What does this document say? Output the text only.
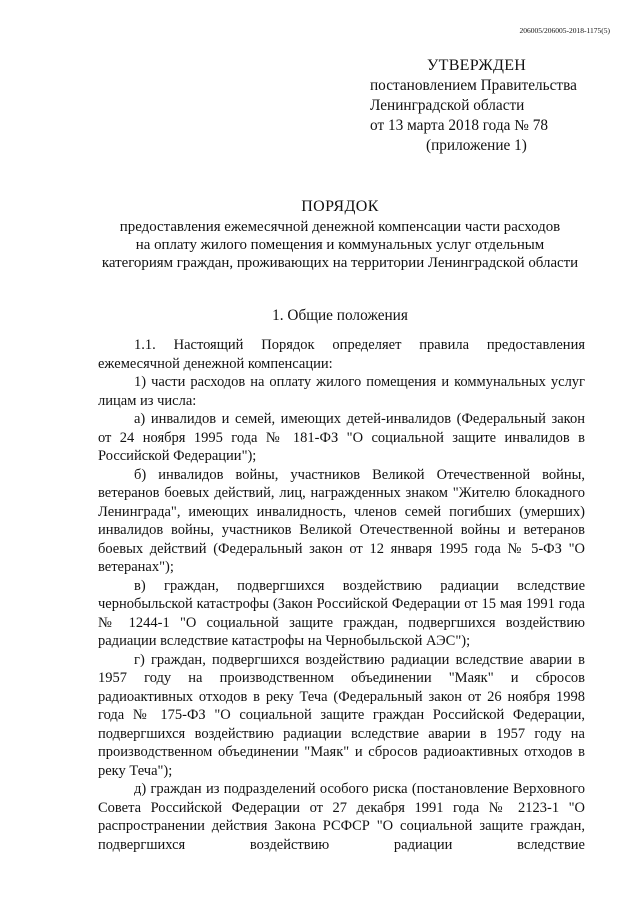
206005/206005-2018-1175(5)
УТВЕРЖДЕН
постановлением Правительства
Ленинградской области
от 13 марта 2018 года № 78
(приложение 1)
ПОРЯДОК
предоставления ежемесячной денежной компенсации части расходов
на оплату жилого помещения и коммунальных услуг отдельным
категориям граждан, проживающих на территории Ленинградской области
1. Общие положения

1.1. Настоящий Порядок определяет правила предоставления ежемесячной денежной компенсации:

1) части расходов на оплату жилого помещения и коммунальных услуг лицам из числа:

а) инвалидов и семей, имеющих детей-инвалидов (Федеральный закон от 24 ноября 1995 года № 181-ФЗ "О социальной защите инвалидов в Российской Федерации");

б) инвалидов войны, участников Великой Отечественной войны, ветеранов боевых действий, лиц, награжденных знаком "Жителю блокадного Ленинграда", имеющих инвалидность, членов семей погибших (умерших) инвалидов войны, участников Великой Отечественной войны и ветеранов боевых действий (Федеральный закон от 12 января 1995 года № 5-ФЗ "О ветеранах");

в) граждан, подвергшихся воздействию радиации вследствие чернобыльской катастрофы (Закон Российской Федерации от 15 мая 1991 года № 1244-1 "О социальной защите граждан, подвергшихся воздействию радиации вследствие катастрофы на Чернобыльской АЭС");

г) граждан, подвергшихся воздействию радиации вследствие аварии в 1957 году на производственном объединении "Маяк" и сбросов радиоактивных отходов в реку Теча (Федеральный закон от 26 ноября 1998 года № 175-ФЗ "О социальной защите граждан Российской Федерации, подвергшихся воздействию радиации вследствие аварии в 1957 году на производственном объединении "Маяк" и сбросов радиоактивных отходов в реку Теча");

д) граждан из подразделений особого риска (постановление Верховного Совета Российской Федерации от 27 декабря 1991 года № 2123-1 "О распространении действия Закона РСФСР "О социальной защите граждан, подвергшихся воздействию радиации вследствие
